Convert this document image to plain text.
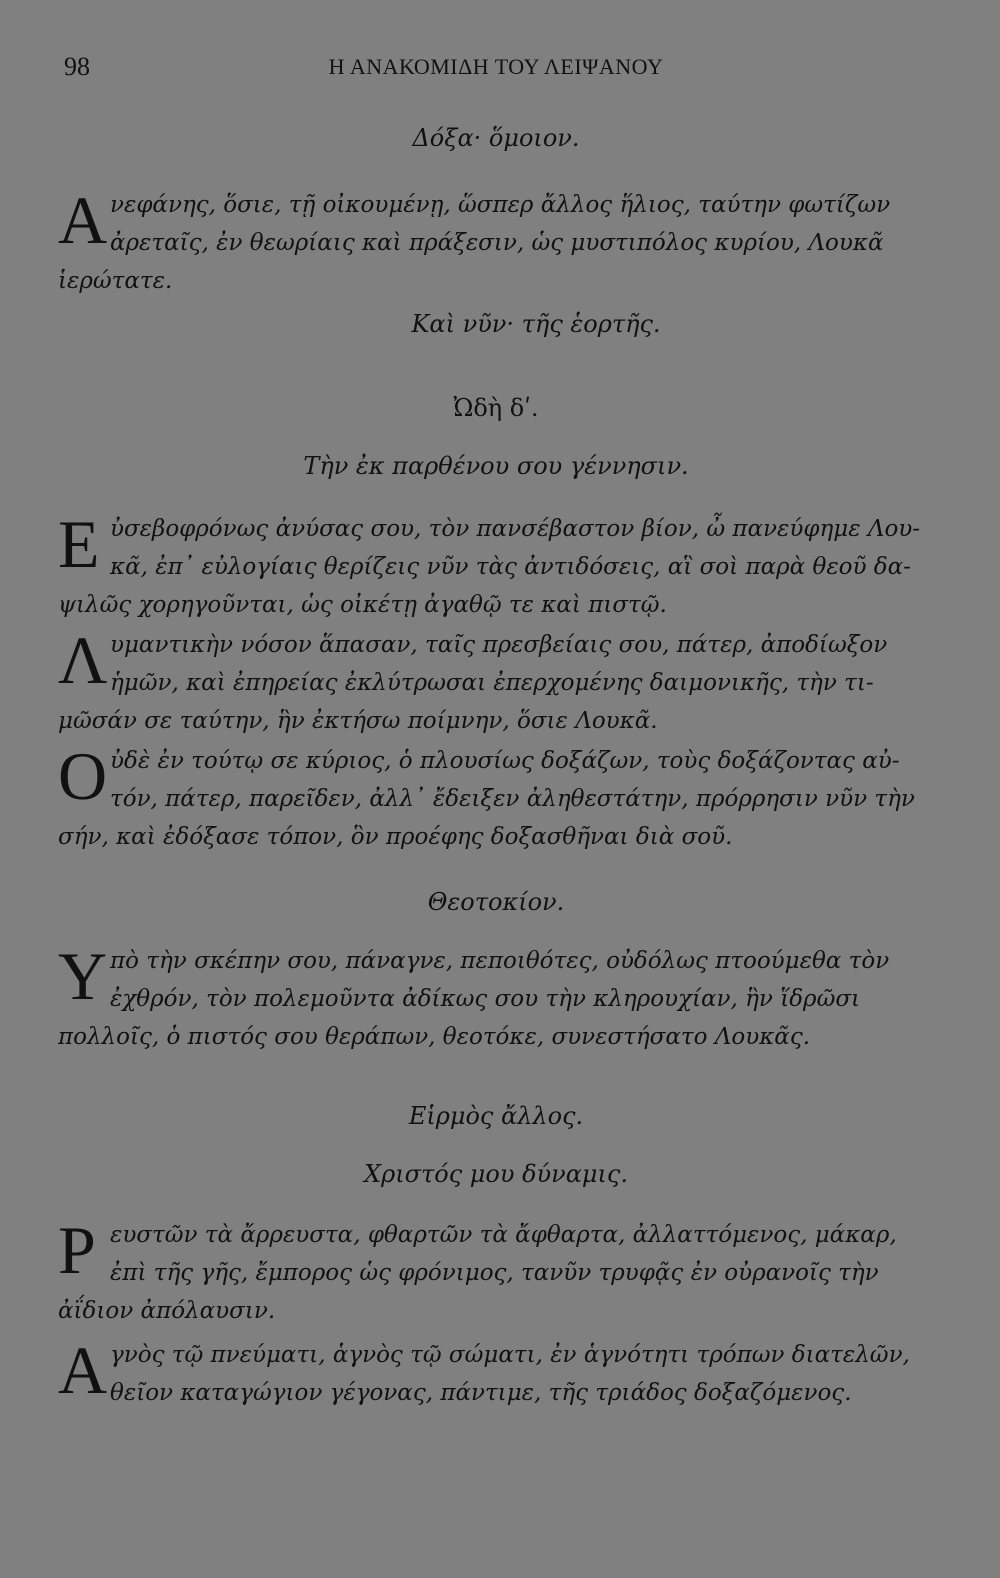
98	Η ΑΝΑΚΟΜΙΔΗ ΤΟΥ ΛΕΙΨΑΝΟΥ
Δόξα· ὅμοιον.
Α νεφάνης, ὅσιε, τῇ οἰκουμένῃ, ὥσπερ ἄλλος ἥλιος, ταύτην φωτίζων
ἀρεταῖς, ἐν θεωρίαις καὶ πράξεσιν, ὡς μυστιπόλος κυρίου, Λουκᾶ
ἱερώτατε.
Καὶ νῦν· τῆς ἑορτῆς.
Ὠδὴ δʹ.
Τὴν ἐκ παρθένου σου γέννησιν.
Ε ὐσεβοφρόνως ἀνύσας σου, τὸν πανσέβαστον βίον, ὦ πανεύφημε Λου-
κᾶ, ἐπ᾽ εὐλογίαις θερίζεις νῦν τὰς ἀντιδόσεις, αἳ σοὶ παρὰ θεοῦ δα-
ψιλῶς χορηγοῦνται, ὡς οἰκέτῃ ἀγαθῷ τε καὶ πιστῷ.
Λ υμαντικὴν νόσον ἅπασαν, ταῖς πρεσβείαις σου, πάτερ, ἀποδίωξον
ἡμῶν, καὶ ἐπηρείας ἐκλύτρωσαι ἐπερχομένης δαιμονικῆς, τὴν τι-
μῶσάν σε ταύτην, ἣν ἐκτήσω ποίμνην, ὅσιε Λουκᾶ.
Ο ὐδὲ ἐν τούτῳ σε κύριος, ὁ πλουσίως δοξάζων, τοὺς δοξάζοντας αὐ-
τόν, πάτερ, παρεῖδεν, ἀλλ᾽ ἔδειξεν ἀληθεστάτην, πρόρρησιν νῦν τὴν
σήν, καὶ ἐδόξασε τόπον, ὃν προέφης δοξασθῆναι διὰ σοῦ.
Θεοτοκίον.
Υ πὸ τὴν σκέπην σου, πάναγνε, πεποιθότες, οὐδόλως πτοούμεθα τὸν
ἐχθρόν, τὸν πολεμοῦντα ἀδίκως σου τὴν κληρουχίαν, ἣν ἵδρῶσι
πολλοῖς, ὁ πιστός σου θεράπων, θεοτόκε, συνεστήσατο Λουκᾶς.
Εἱρμὸς ἄλλος.
Χριστός μου δύναμις.
Ρ ευστῶν τὰ ἄρρευστα, φθαρτῶν τὰ ἄφθαρτα, ἀλλαττόμενος, μάκαρ,
ἐπὶ τῆς γῆς, ἔμπορος ὡς φρόνιμος, τανῦν τρυφᾷς ἐν οὐρανοῖς τὴν
ἀΐδιον ἀπόλαυσιν.
Α γνὸς τῷ πνεύματι, ἁγνὸς τῷ σώματι, ἐν ἁγνότητι τρόπων διατελῶν,
θεῖον καταγώγιον γέγονας, πάντιμε, τῆς τριάδος δοξαζόμενος.
